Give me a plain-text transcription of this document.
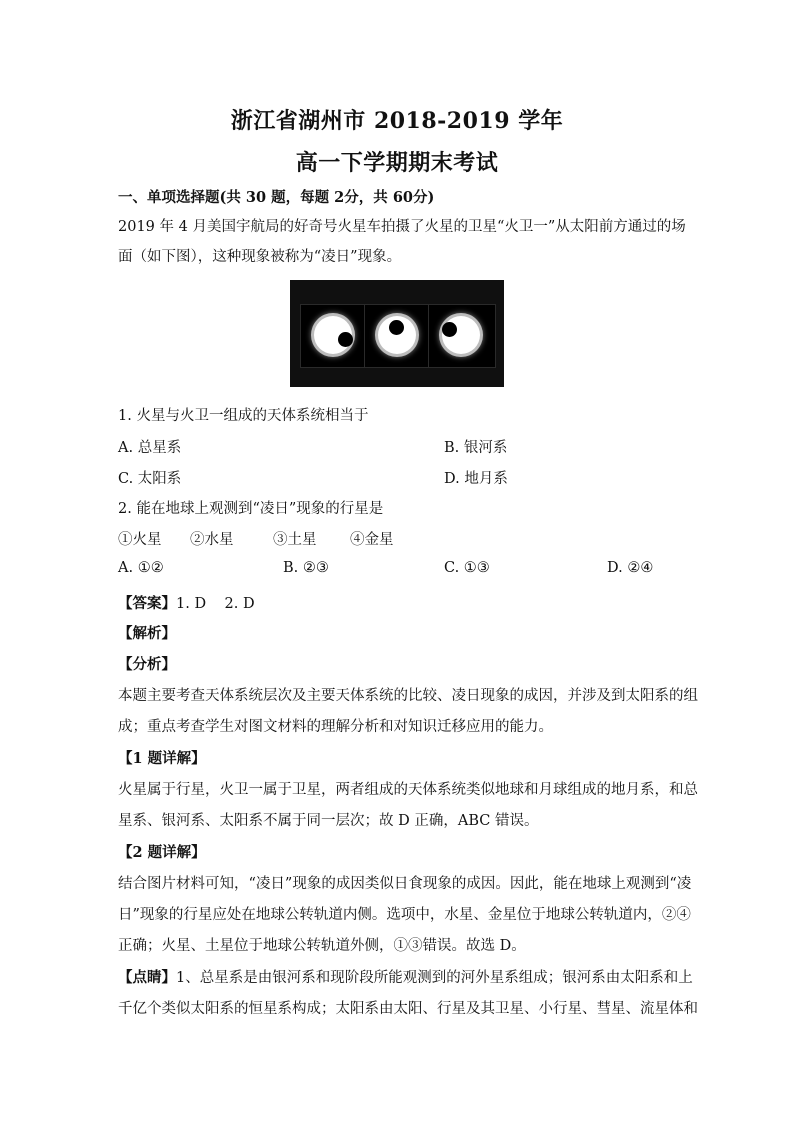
浙江省湖州市 2018-2019 学年
高一下学期期末考试
一、单项选择题(共 30 题，每题 2分，共 60分)
2019 年 4 月美国宇航局的好奇号火星车拍摄了火星的卫星“火卫一”从太阳前方通过的场
面（如下图），这种现象被称为“凌日”现象。
1. 火星与火卫一组成的天体系统相当于
A. 总星系	B. 银河系
C. 太阳系	D. 地月系
2. 能在地球上观测到“凌日”现象的行星是
①火星 ②水星	③土星 ④金星
A. ①②	B. ②③	C. ①③	D. ②④
【答案】1. D    2. D
【解析】
【分析】
本题主要考查天体系统层次及主要天体系统的比较、凌日现象的成因，并涉及到太阳系的组
成；重点考查学生对图文材料的理解分析和对知识迁移应用的能力。
【1 题详解】
火星属于行星，火卫一属于卫星，两者组成的天体系统类似地球和月球组成的地月系，和总
星系、银河系、太阳系不属于同一层次；故 D 正确，ABC 错误。
【2 题详解】
结合图片材料可知，“凌日”现象的成因类似日食现象的成因。因此，能在地球上观测到“凌
日”现象的行星应处在地球公转轨道内侧。选项中，水星、金星位于地球公转轨道内，②④
正确；火星、土星位于地球公转轨道外侧，①③错误。故选 D。
【点睛】1、总星系是由银河系和现阶段所能观测到的河外星系组成；银河系由太阳系和上
千亿个类似太阳系的恒星系构成；太阳系由太阳、行星及其卫星、小行星、彗星、流星体和
